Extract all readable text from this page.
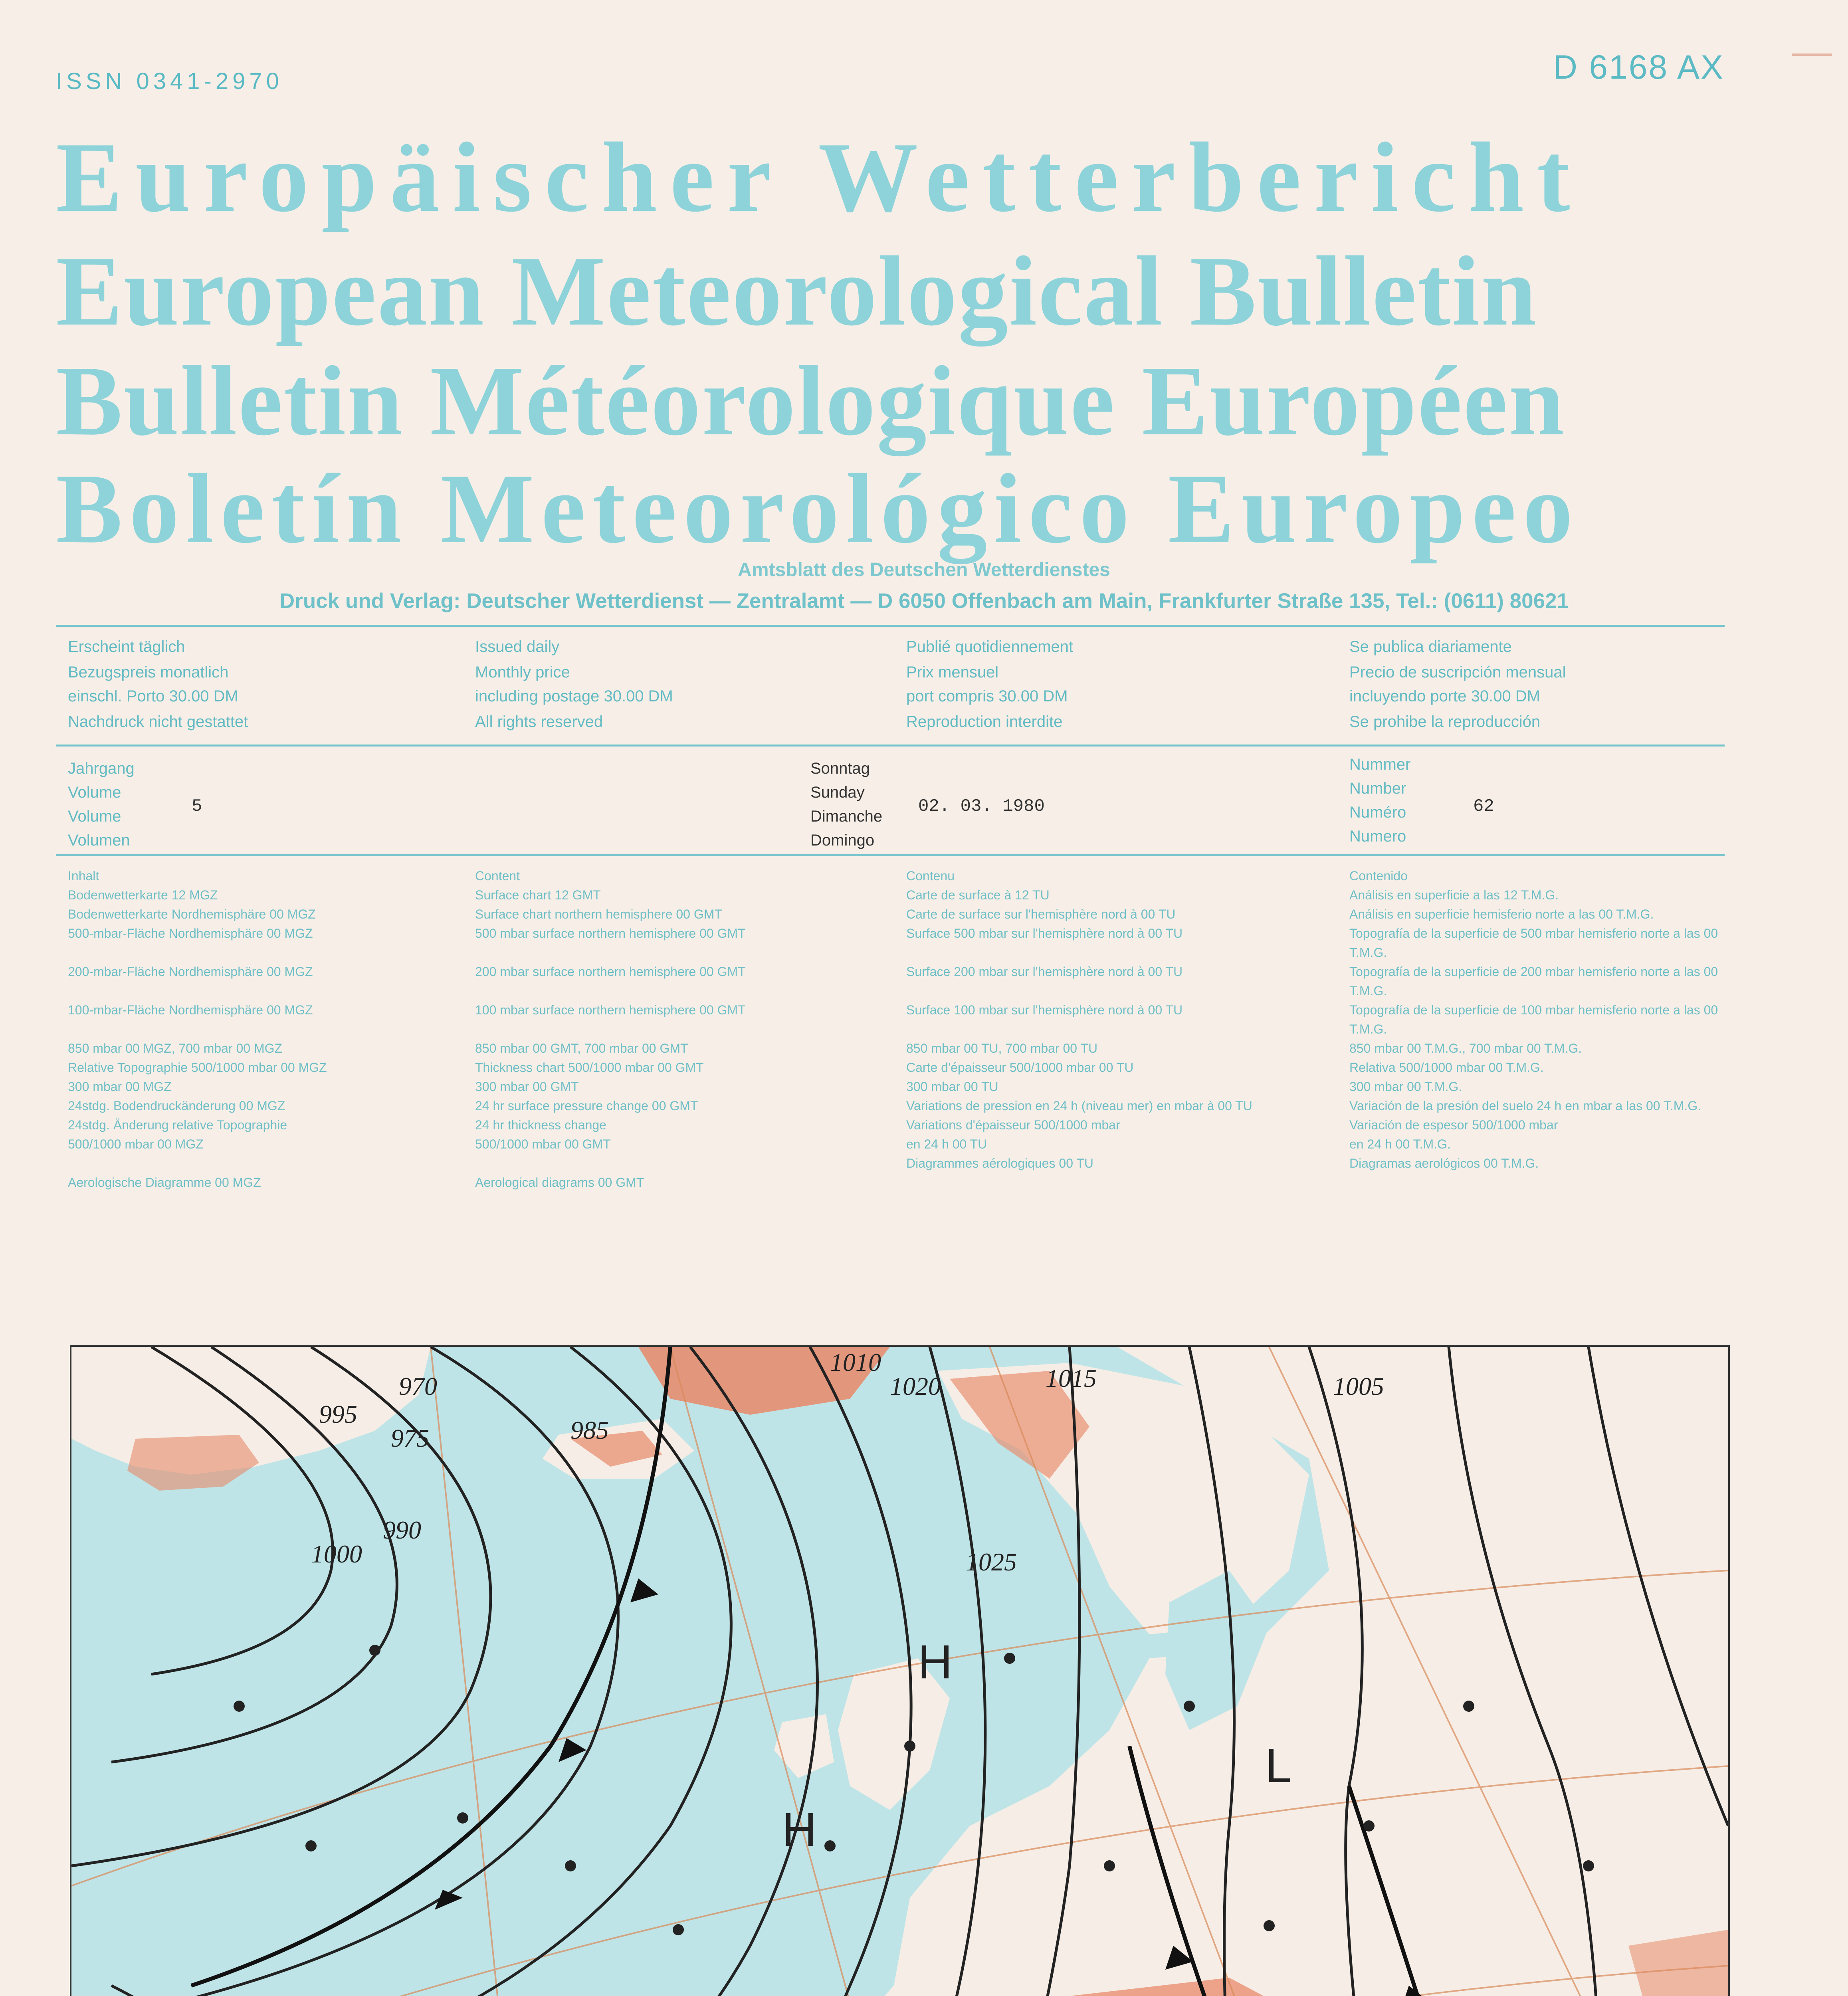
ISSN 0341-2970	D 6168 AX
Europäischer Wetterbericht
European Meteorological Bulletin
Bulletin Météorologique Européen
Boletín Meteorológico Europeo
Amtsblatt des Deutschen Wetterdienstes
Druck und Verlag: Deutscher Wetterdienst — Zentralamt — D 6050 Offenbach am Main, Frankfurter Straße 135, Tel.: (0611) 80621
Erscheint täglich
Bezugspreis monatlich
einschl. Porto 30.00 DM
Nachdruck nicht gestattet
Issued daily
Monthly price
including postage 30.00 DM
All rights reserved
Publié quotidiennement
Prix mensuel
port compris 30.00 DM
Reproduction interdite
Se publica diariamente
Precio de suscripción mensual
incluyendo porte 30.00 DM
Se prohibe la reproducción
Jahrgang
Volume
Volume
Volumen
5
Sonntag
Sunday
Dimanche
Domingo
02. 03. 1980
Nummer
Number
Numéro
Numero
62
Inhalt
Bodenwetterkarte 12 MGZ
Bodenwetterkarte Nordhemisphäre 00 MGZ
500-mbar-Fläche Nordhemisphäre 00 MGZ
200-mbar-Fläche Nordhemisphäre 00 MGZ
100-mbar-Fläche Nordhemisphäre 00 MGZ
850 mbar 00 MGZ, 700 mbar 00 MGZ
Relative Topographie 500/1000 mbar 00 MGZ
300 mbar 00 MGZ
24stdg. Bodendruckänderung 00 MGZ
24stdg. Änderung relative Topographie
500/1000 mbar 00 MGZ
Aerologische Diagramme 00 MGZ
Content
Surface chart 12 GMT
Surface chart northern hemisphere 00 GMT
500 mbar surface northern hemisphere 00 GMT
200 mbar surface northern hemisphere 00 GMT
100 mbar surface northern hemisphere 00 GMT
850 mbar 00 GMT, 700 mbar 00 GMT
Thickness chart 500/1000 mbar 00 GMT
300 mbar 00 GMT
24 hr surface pressure change 00 GMT
24 hr thickness change
500/1000 mbar 00 GMT
Aerological diagrams 00 GMT
Contenu
Carte de surface à 12 TU
Carte de surface sur l'hemisphère nord à 00 TU
Surface 500 mbar sur l'hemisphère nord à 00 TU
Surface 200 mbar sur l'hemisphère nord à 00 TU
Surface 100 mbar sur l'hemisphère nord à 00 TU
850 mbar 00 TU, 700 mbar 00 TU
Carte d'épaisseur 500/1000 mbar 00 TU
300 mbar 00 TU
Variations de pression en 24 h (niveau mer) en mbar à 00 TU
Variations d'épaisseur 500/1000 mbar
en 24 h 00 TU
Diagrammes aérologiques 00 TU
Contenido
Análisis en superficie a las 12 T.M.G.
Análisis en superficie hemisferio norte a las 00 T.M.G.
Topografía de la superficie de 500 mbar hemisferio norte a las 00 T.M.G.
Topografía de la superficie de 200 mbar hemisferio norte a las 00 T.M.G.
Topografía de la superficie de 100 mbar hemisferio norte a las 00 T.M.G.
850 mbar 00 T.M.G., 700 mbar 00 T.M.G.
Relativa 500/1000 mbar 00 T.M.G.
300 mbar 00 T.M.G.
Variación de la presión del suelo 24 h en mbar a las 00 T.M.G.
Variación de espesor 500/1000 mbar
en 24 h 00 T.M.G.
Diagramas aerológicos 00 T.M.G.
970
975	985
990
995
1000
1005
1010
1015
1020
1025
H
H
L
